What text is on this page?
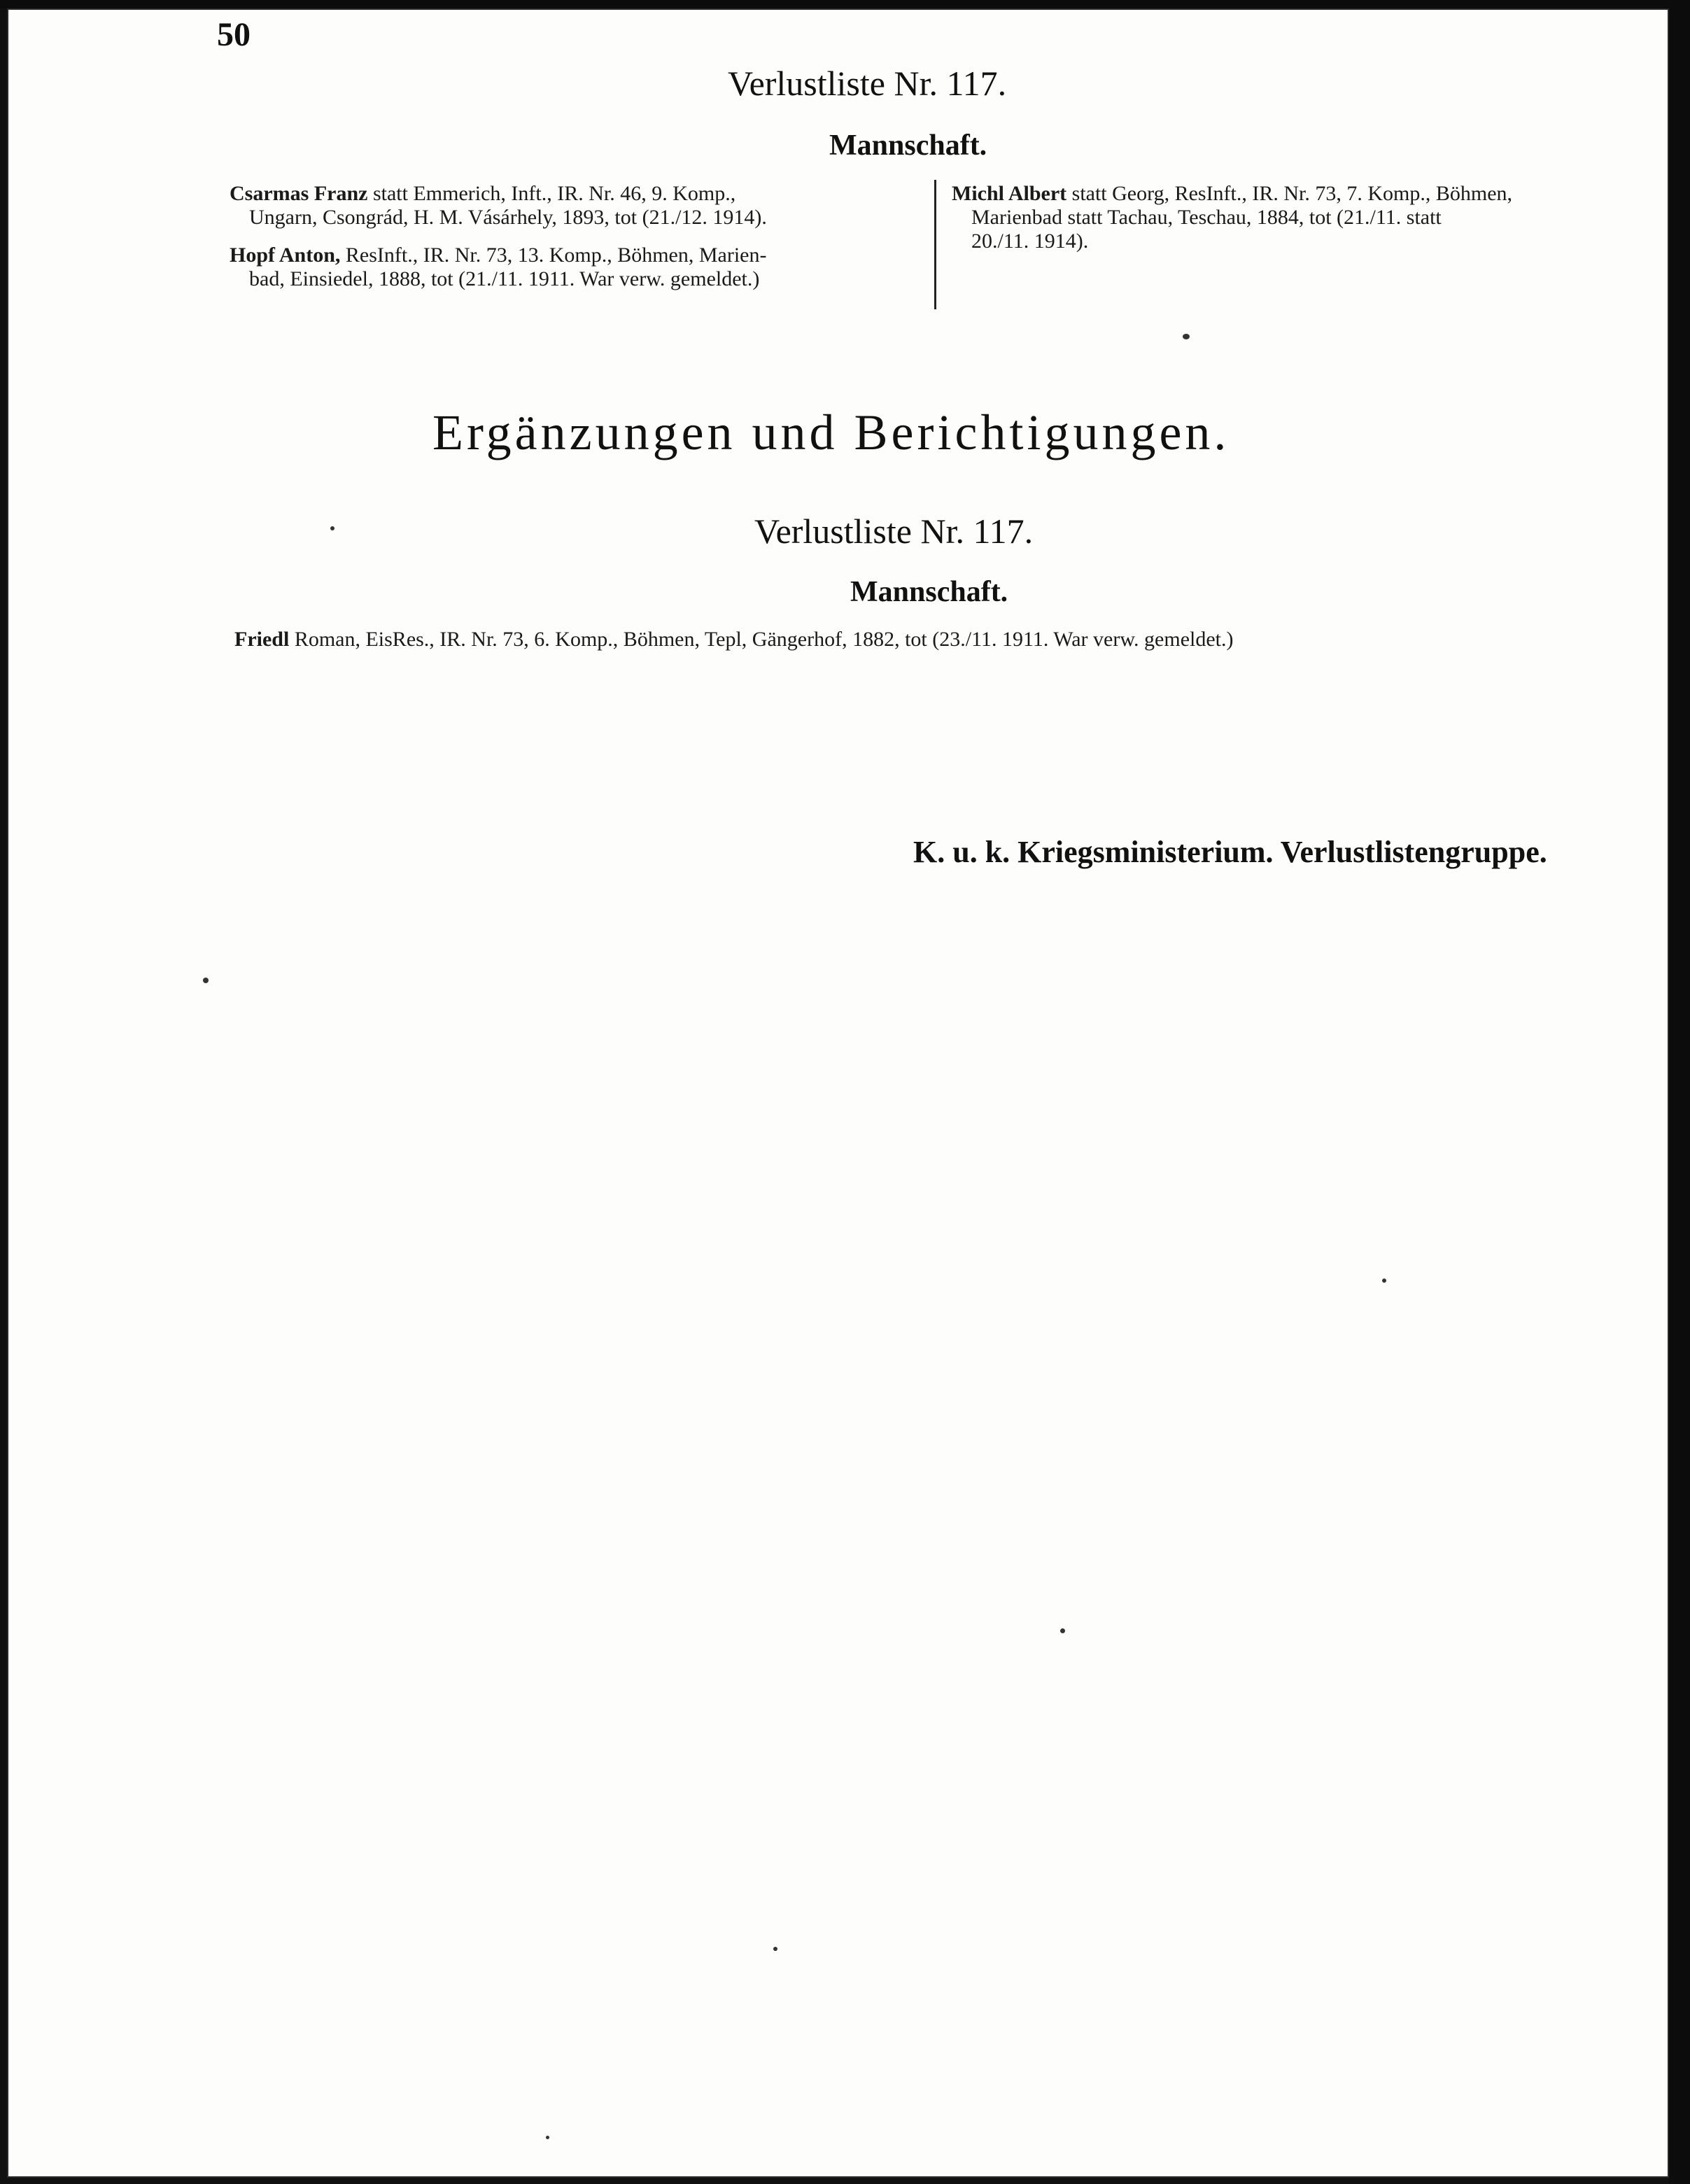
50
Verlustliste Nr. 117.
Mannschaft.
Csarmas Franz statt Emmerich, Inft., IR. Nr. 46, 9. Komp.,
Ungarn, Csongrád, H. M. Vásárhely, 1893, tot (21./12. 1914).
Hopf Anton, ResInft., IR. Nr. 73, 13. Komp., Böhmen, Marien-
bad, Einsiedel, 1888, tot (21./11. 1911. War verw. gemeldet.)
Michl Albert statt Georg, ResInft., IR. Nr. 73, 7. Komp., Böhmen,
Marienbad statt Tachau, Teschau, 1884, tot (21./11. statt
20./11. 1914).
Ergänzungen und Berichtigungen.
Verlustliste Nr. 117.
Mannschaft.
Friedl Roman, EisRes., IR. Nr. 73, 6. Komp., Böhmen, Tepl, Gängerhof, 1882, tot (23./11. 1911. War verw. gemeldet.)
K. u. k. Kriegsministerium. Verlustlistengruppe.
